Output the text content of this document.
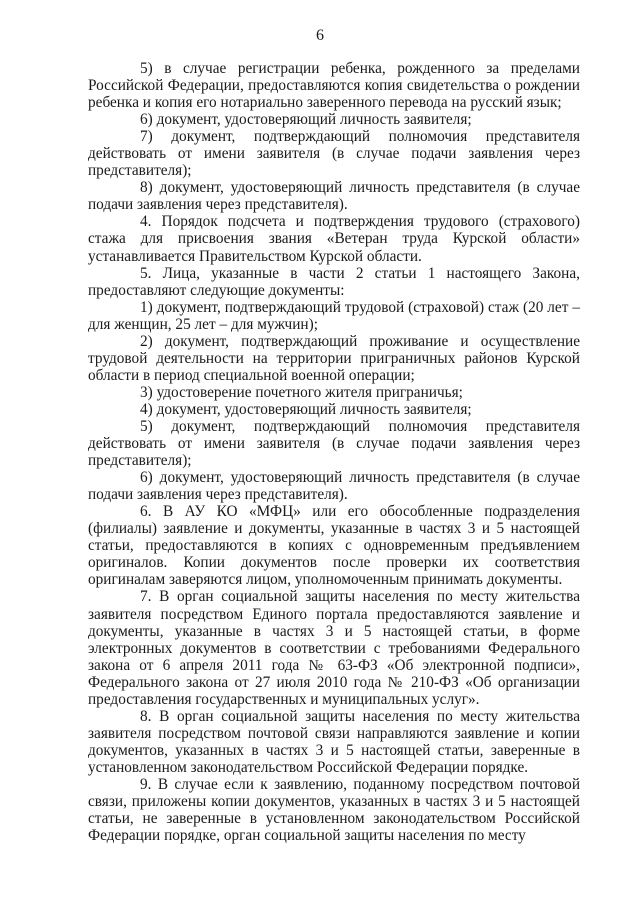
6

5) в случае регистрации ребенка, рожденного за пределами Российской Федерации, предоставляются копия свидетельства о рождении ребенка и копия его нотариально заверенного перевода на русский язык;

6) документ, удостоверяющий личность заявителя;

7) документ, подтверждающий полномочия представителя действовать от имени заявителя (в случае подачи заявления через представителя);

8) документ, удостоверяющий личность представителя (в случае подачи заявления через представителя).

4. Порядок подсчета и подтверждения трудового (страхового) стажа для присвоения звания «Ветеран труда Курской области» устанавливается Правительством Курской области.

5. Лица, указанные в части 2 статьи 1 настоящего Закона, предоставляют следующие документы:

1) документ, подтверждающий трудовой (страховой) стаж (20 лет – для женщин, 25 лет – для мужчин);

2) документ, подтверждающий проживание и осуществление трудовой деятельности на территории приграничных районов Курской области в период специальной военной операции;

3) удостоверение почетного жителя приграничья;

4) документ, удостоверяющий личность заявителя;

5) документ, подтверждающий полномочия представителя действовать от имени заявителя (в случае подачи заявления через представителя);

6) документ, удостоверяющий личность представителя (в случае подачи заявления через представителя).

6. В АУ КО «МФЦ» или его обособленные подразделения (филиалы) заявление и документы, указанные в частях 3 и 5 настоящей статьи, предоставляются в копиях с одновременным предъявлением оригиналов. Копии документов после проверки их соответствия оригиналам заверяются лицом, уполномоченным принимать документы.

7. В орган социальной защиты населения по месту жительства заявителя посредством Единого портала предоставляются заявление и документы, указанные в частях 3 и 5 настоящей статьи, в форме электронных документов в соответствии с требованиями Федерального закона от 6 апреля 2011 года № 63-ФЗ «Об электронной подписи», Федерального закона от 27 июля 2010 года № 210-ФЗ «Об организации предоставления государственных и муниципальных услуг».

8. В орган социальной защиты населения по месту жительства заявителя посредством почтовой связи направляются заявление и копии документов, указанных в частях 3 и 5 настоящей статьи, заверенные в установленном законодательством Российской Федерации порядке.

9. В случае если к заявлению, поданному посредством почтовой связи, приложены копии документов, указанных в частях 3 и 5 настоящей статьи, не заверенные в установленном законодательством Российской Федерации порядке, орган социальной защиты населения по месту
